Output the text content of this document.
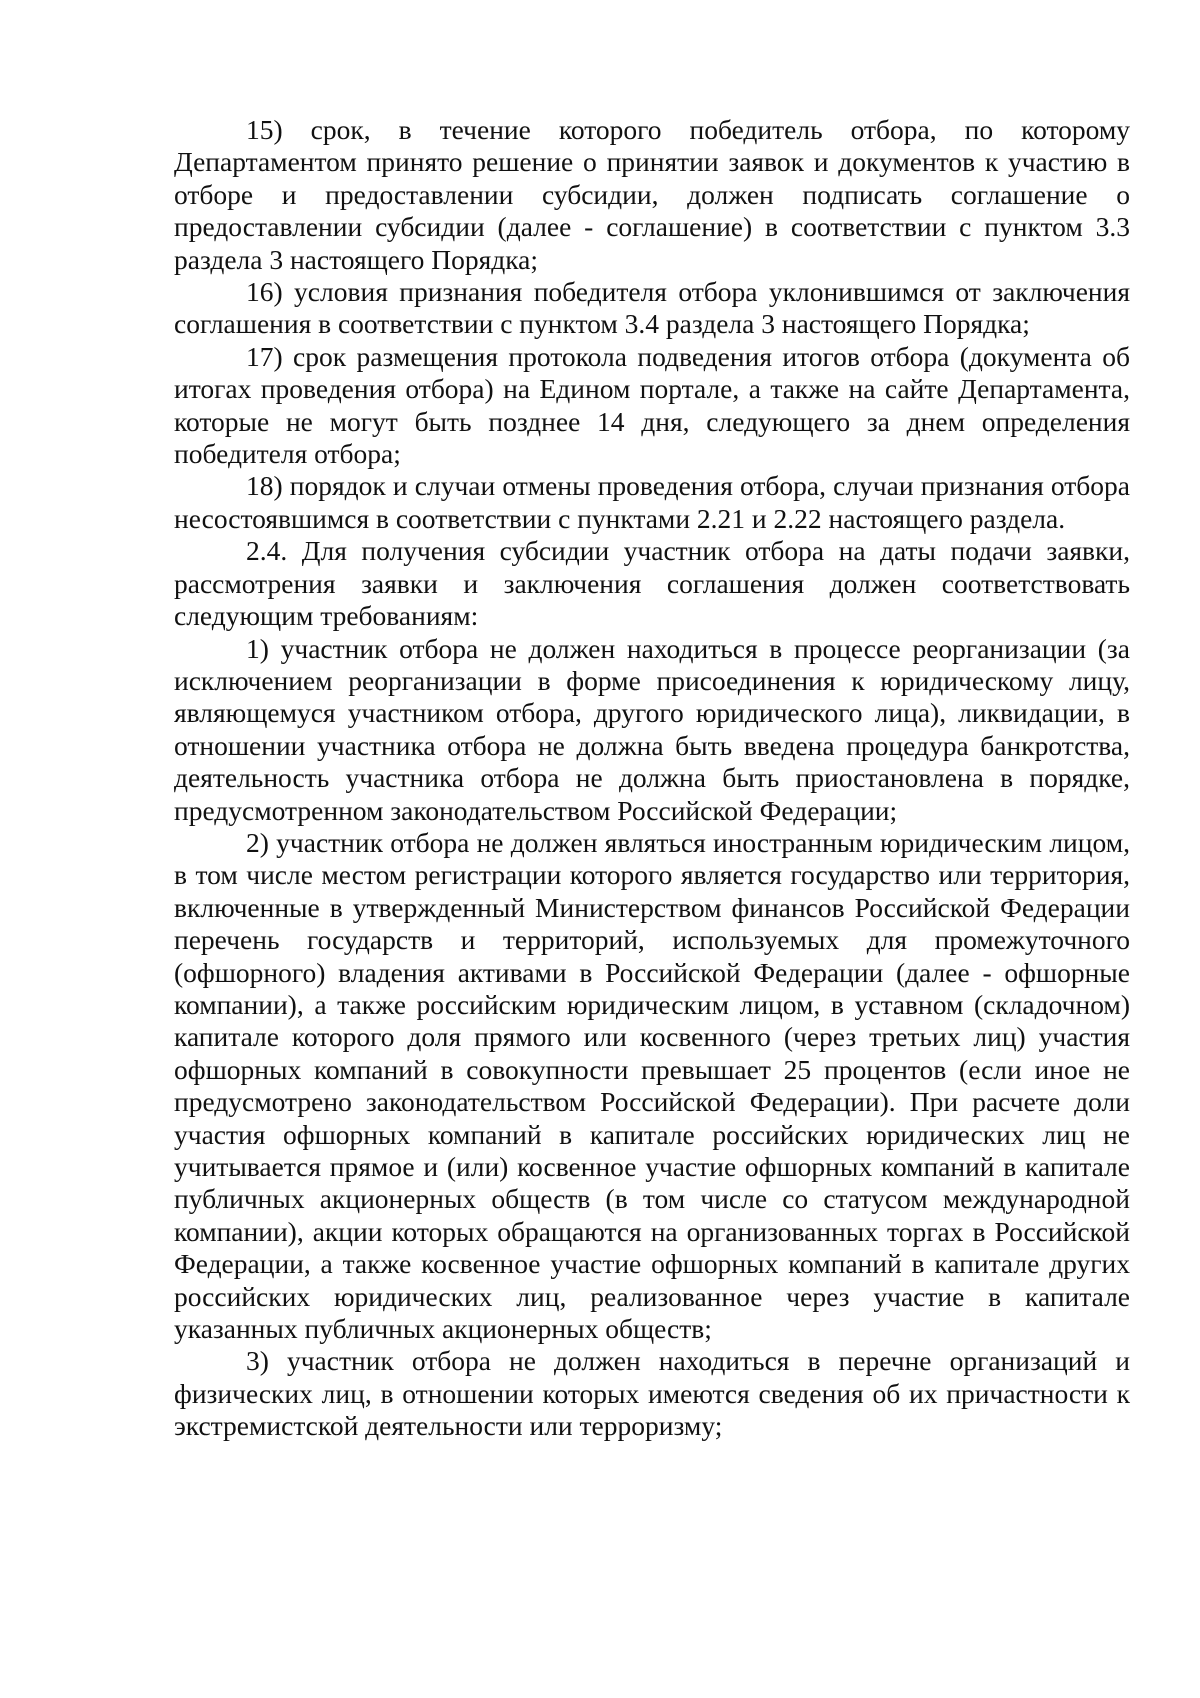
15) срок, в течение которого победитель отбора, по которому Департаментом принято решение о принятии заявок и документов к участию в отборе и предоставлении субсидии, должен подписать соглашение о предоставлении субсидии (далее - соглашение) в соответствии с пунктом 3.3 раздела 3 настоящего Порядка;

16) условия признания победителя отбора уклонившимся от заключения соглашения в соответствии с пунктом 3.4 раздела 3 настоящего Порядка;

17) срок размещения протокола подведения итогов отбора (документа об итогах проведения отбора) на Едином портале, а также на сайте Департамента, которые не могут быть позднее 14 дня, следующего за днем определения победителя отбора;

18) порядок и случаи отмены проведения отбора, случаи признания отбора несостоявшимся в соответствии с пунктами 2.21 и 2.22 настоящего раздела.

2.4. Для получения субсидии участник отбора на даты подачи заявки, рассмотрения заявки и заключения соглашения должен соответствовать следующим требованиям:

1) участник отбора не должен находиться в процессе реорганизации (за исключением реорганизации в форме присоединения к юридическому лицу, являющемуся участником отбора, другого юридического лица), ликвидации, в отношении участника отбора не должна быть введена процедура банкротства, деятельность участника отбора не должна быть приостановлена в порядке, предусмотренном законодательством Российской Федерации;

2) участник отбора не должен являться иностранным юридическим лицом, в том числе местом регистрации которого является государство или территория, включенные в утвержденный Министерством финансов Российской Федерации перечень государств и территорий, используемых для промежуточного (офшорного) владения активами в Российской Федерации (далее - офшорные компании), а также российским юридическим лицом, в уставном (складочном) капитале которого доля прямого или косвенного (через третьих лиц) участия офшорных компаний в совокупности превышает 25 процентов (если иное не предусмотрено законодательством Российской Федерации). При расчете доли участия офшорных компаний в капитале российских юридических лиц не учитывается прямое и (или) косвенное участие офшорных компаний в капитале публичных акционерных обществ (в том числе со статусом международной компании), акции которых обращаются на организованных торгах в Российской Федерации, а также косвенное участие офшорных компаний в капитале других российских юридических лиц, реализованное через участие в капитале указанных публичных акционерных обществ;

3) участник отбора не должен находиться в перечне организаций и физических лиц, в отношении которых имеются сведения об их причастности к экстремистской деятельности или терроризму;
